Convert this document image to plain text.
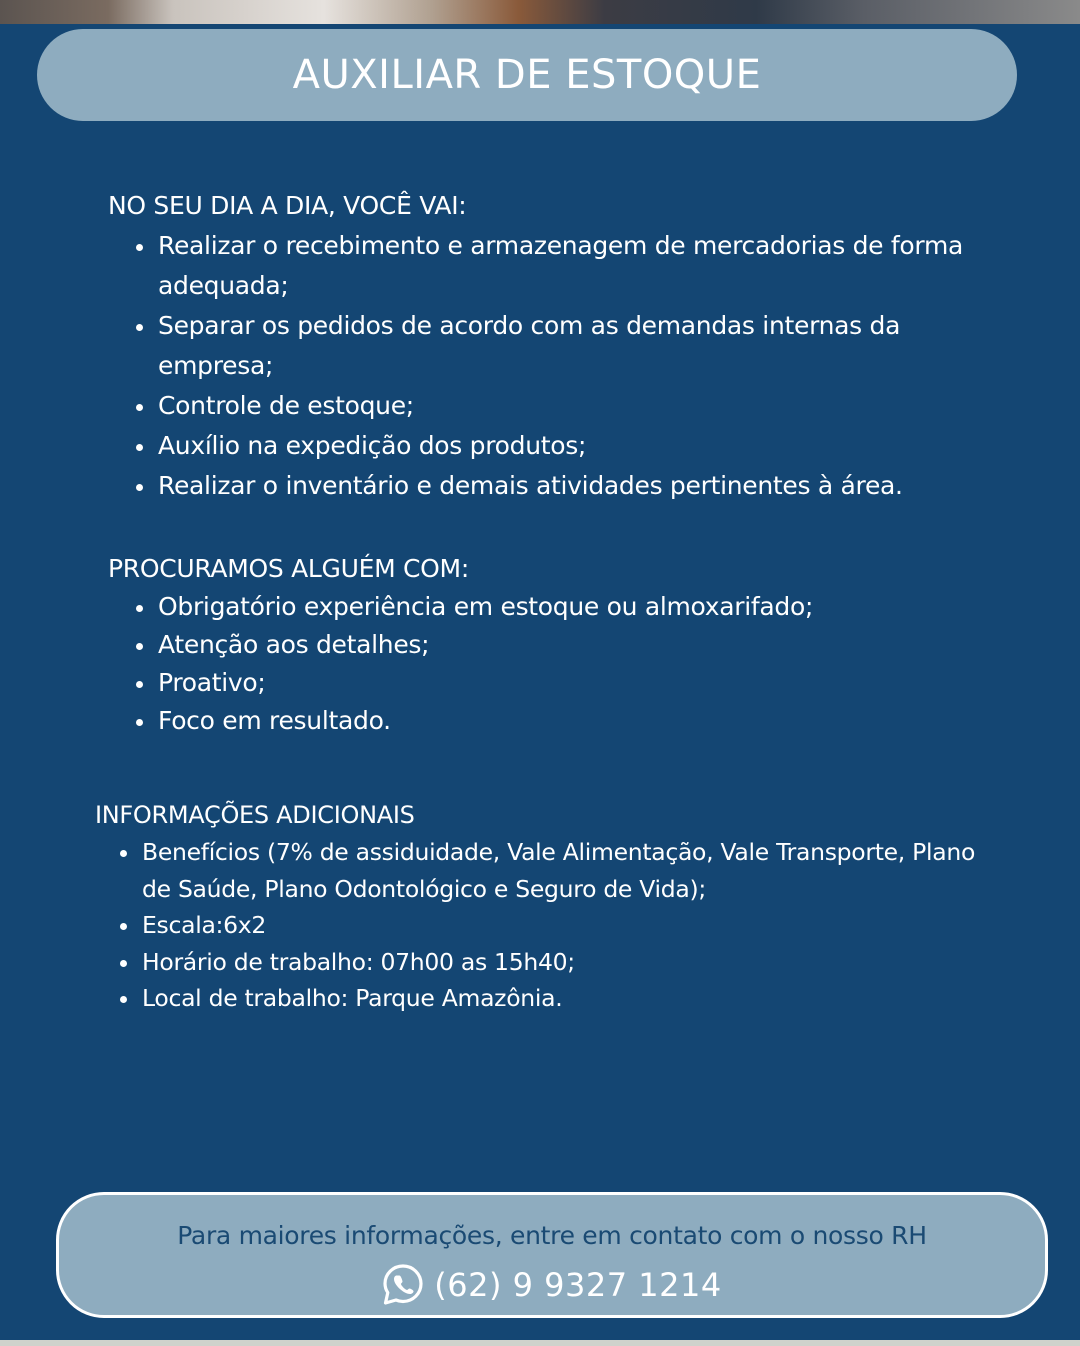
AUXILIAR DE ESTOQUE

NO SEU DIA A DIA, VOCÊ VAI:

Realizar o recebimento e armazenagem de mercadorias de forma adequada;
Separar os pedidos de acordo com as demandas internas da empresa;
Controle de estoque;
Auxílio na expedição dos produtos;
Realizar o inventário e demais atividades pertinentes à área.

PROCURAMOS ALGUÉM COM:

Obrigatório experiência em estoque ou almoxarifado;
Atenção aos detalhes;
Proativo;
Foco em resultado.

INFORMAÇÕES ADICIONAIS

Benefícios (7% de assiduidade, Vale Alimentação, Vale Transporte, Plano de Saúde, Plano Odontológico e Seguro de Vida);
Escala:6x2
Horário de trabalho: 07h00 as 15h40;
Local de trabalho: Parque Amazônia.
Para maiores informações, entre em contato com o nosso RH
(62) 9 9327 1214
